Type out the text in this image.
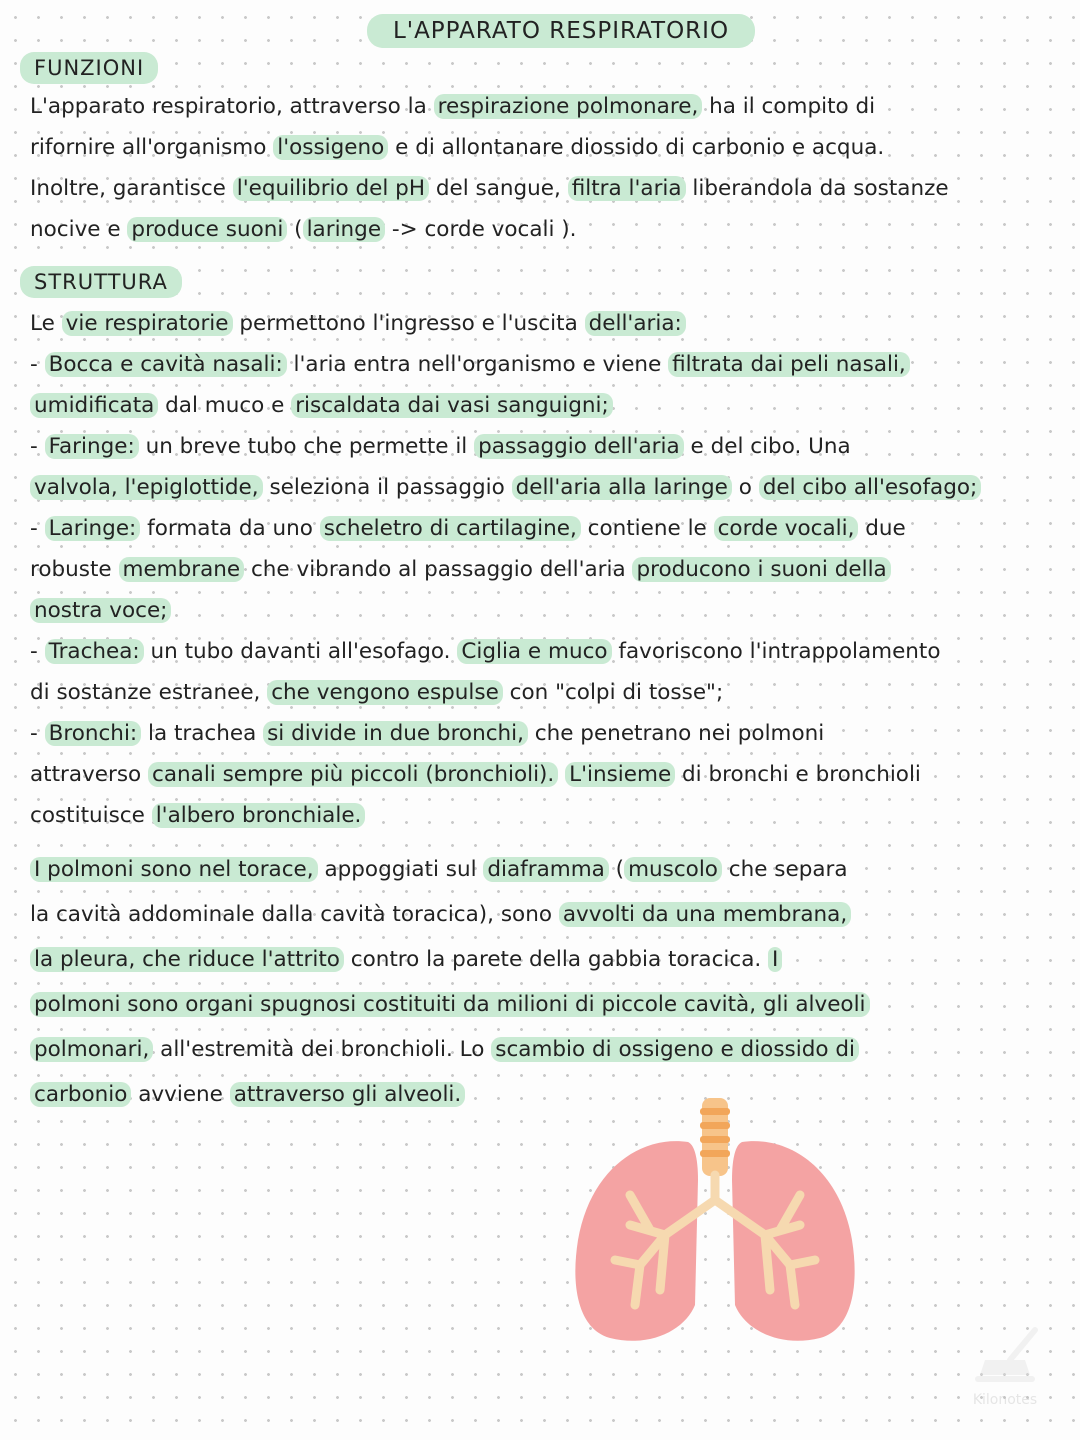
L'APPARATO RESPIRATORIO
FUNZIONI
L'apparato respiratorio, attraverso la respirazione polmonare, ha il compito di
rifornire all'organismo l'ossigeno e di allontanare diossido di carbonio e acqua.
Inoltre, garantisce l'equilibrio del pH del sangue, filtra l'aria liberandola da sostanze
nocive e produce suoni ( laringe -> corde vocali ).
STRUTTURA
Le vie respiratorie permettono l'ingresso e l'uscita dell'aria:
- Bocca e cavità nasali: l'aria entra nell'organismo e viene filtrata dai peli nasali,
umidificata dal muco e riscaldata dai vasi sanguigni;
- Faringe: un breve tubo che permette il passaggio dell'aria e del cibo. Una
valvola, l'epiglottide, seleziona il passaggio dell'aria alla laringe o del cibo all'esofago;
- Laringe: formata da uno scheletro di cartilagine, contiene le corde vocali, due
robuste membrane che vibrando al passaggio dell'aria producono i suoni della
nostra voce;
- Trachea: un tubo davanti all'esofago. Ciglia e muco favoriscono l'intrappolamento
di sostanze estranee, che vengono espulse con "colpi di tosse";
- Bronchi: la trachea si divide in due bronchi, che penetrano nei polmoni
attraverso canali sempre più piccoli (bronchioli). L'insieme di bronchi e bronchioli
costituisce l'albero bronchiale.
I polmoni sono nel torace, appoggiati sul diaframma ( muscolo che separa
la cavità addominale dalla cavità toracica), sono avvolti da una membrana,
la pleura, che riduce l'attrito contro la parete della gabbia toracica. I
polmoni sono organi spugnosi costituiti da milioni di piccole cavità, gli alveoli
polmonari, all'estremità dei bronchioli. Lo scambio di ossigeno e diossido di
carbonio avviene attraverso gli alveoli.
Kilonotes
